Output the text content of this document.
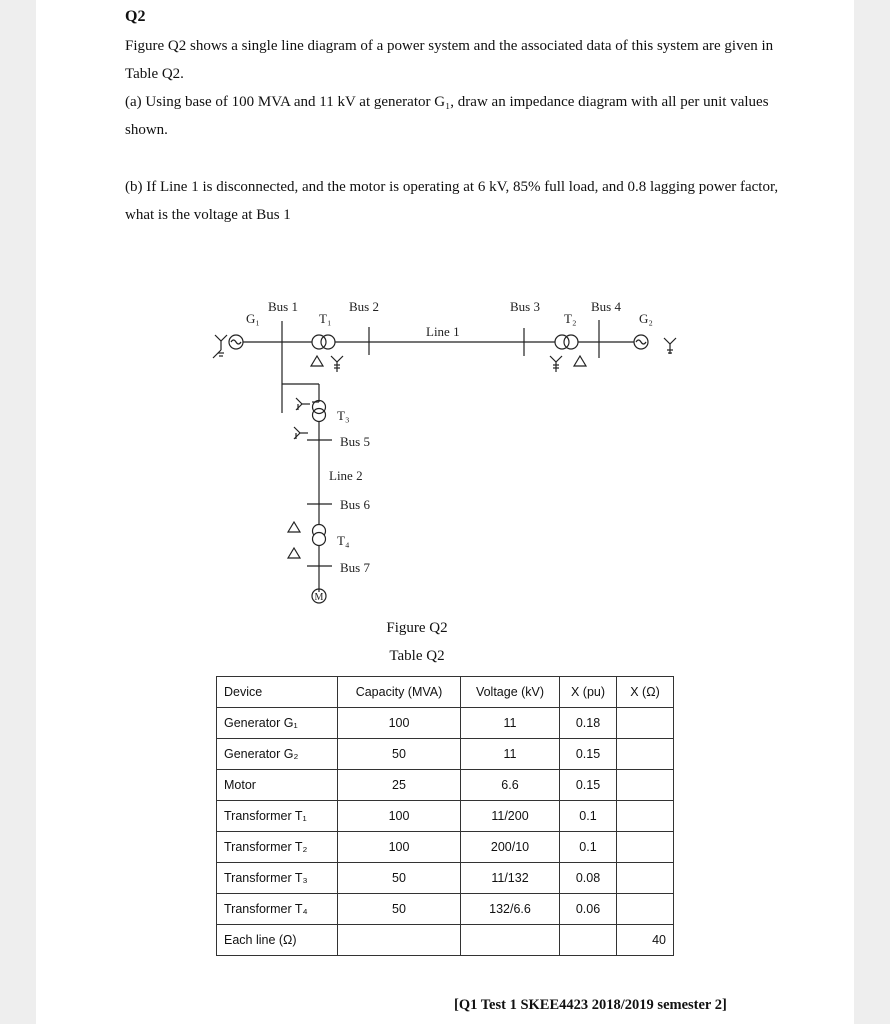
Q2
Figure Q2 shows a single line diagram of a power system and the associated data of this system are given in Table Q2.
(a) Using base of 100 MVA and 11 kV at generator G₁, draw an impedance diagram with all per unit values shown.
(b) If Line 1 is disconnected, and the motor is operating at 6 kV, 85% full load, and 0.8 lagging power factor, what is the voltage at Bus 1
G₁
Bus 1
T₁
Bus 2
Line 1
Bus 3
T₂
Bus 4
G₂
T₃
Bus 5
Line 2
Bus 6
T₄
Bus 7
M
Figure Q2
Table Q2
Device	Capacity (MVA)	Voltage (kV)	X (pu)	X (Ω)
Generator G₁	100	11	0.18	
Generator G₂	50	11	0.15	
Motor	25	6.6	0.15	
Transformer T₁	100	11/200	0.1	
Transformer T₂	100	200/10	0.1	
Transformer T₃	50	11/132	0.08	
Transformer T₄	50	132/6.6	0.06	
Each line (Ω)				40
[Q1 Test 1 SKEE4423 2018/2019 semester 2]
